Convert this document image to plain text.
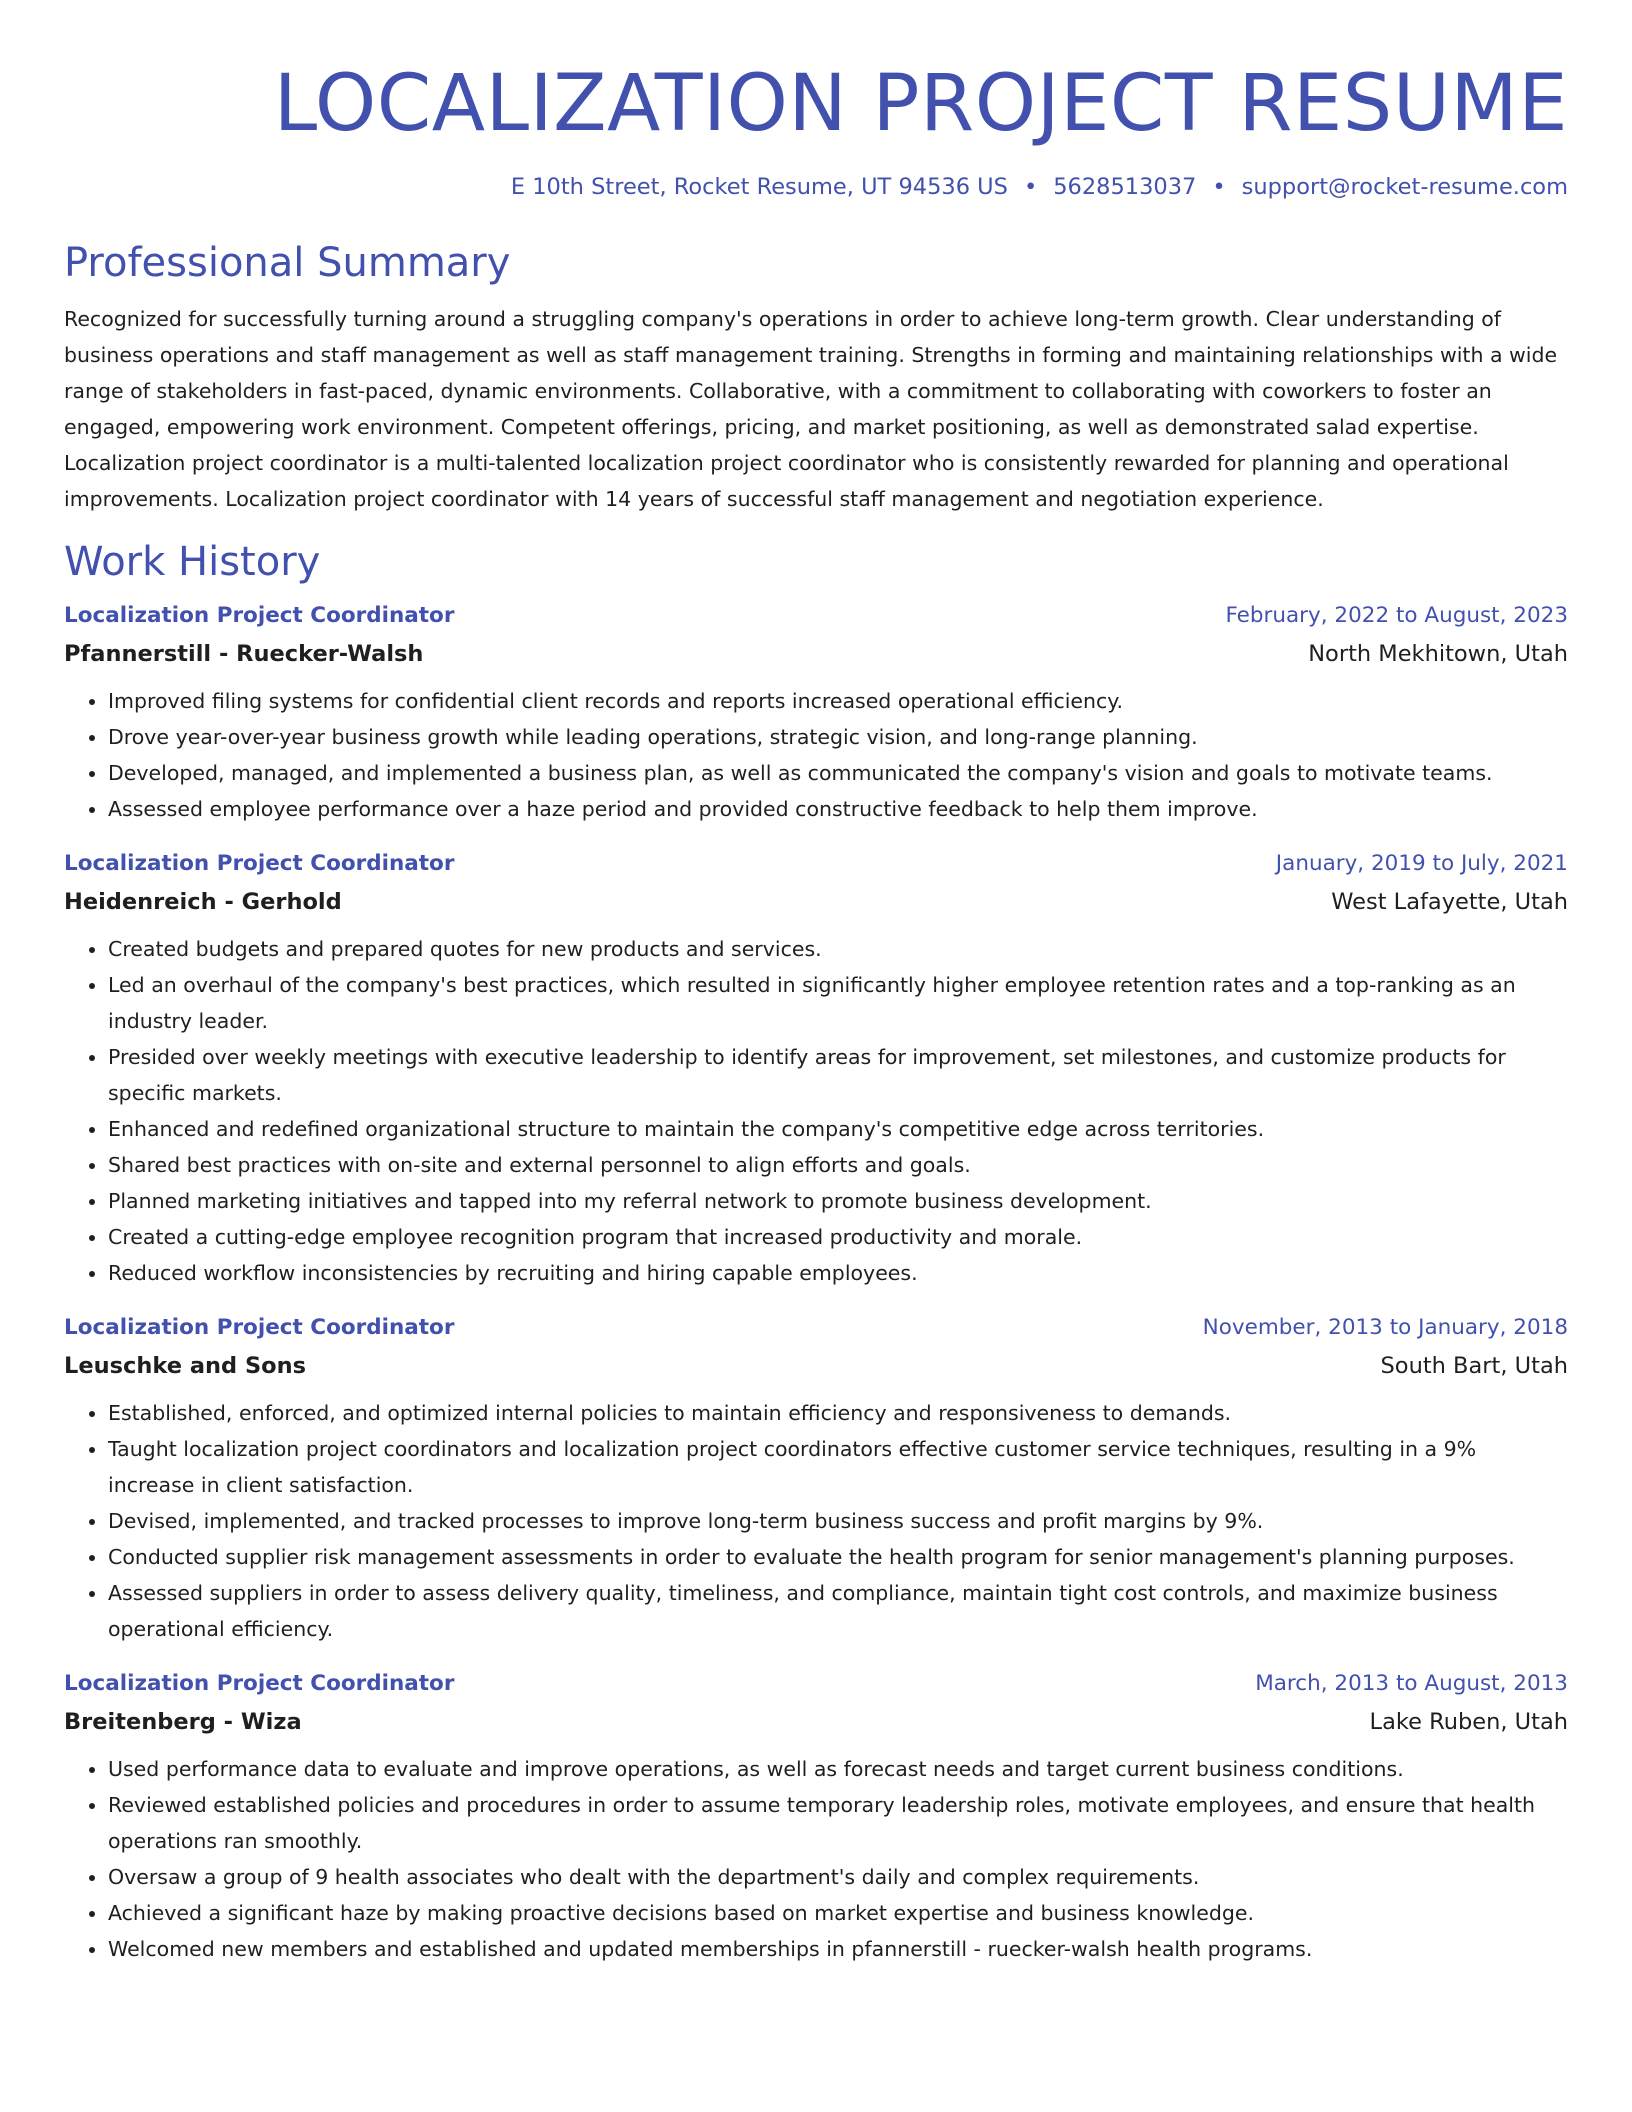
LOCALIZATION PROJECT RESUME
E 10th Street, Rocket Resume, UT 94536 US • 5628513037 • support@rocket-resume.com
Professional Summary
Recognized for successfully turning around a struggling company's operations in order to achieve long-term growth. Clear understanding of business operations and staff management as well as staff management training. Strengths in forming and maintaining relationships with a wide range of stakeholders in fast-paced, dynamic environments. Collaborative, with a commitment to collaborating with coworkers to foster an engaged, empowering work environment. Competent offerings, pricing, and market positioning, as well as demonstrated salad expertise. Localization project coordinator is a multi-talented localization project coordinator who is consistently rewarded for planning and operational improvements. Localization project coordinator with 14 years of successful staff management and negotiation experience.
Work History
Localization Project Coordinator	February, 2022 to August, 2023
Pfannerstill - Ruecker-Walsh	North Mekhitown, Utah
• Improved filing systems for confidential client records and reports increased operational efficiency.
• Drove year-over-year business growth while leading operations, strategic vision, and long-range planning.
• Developed, managed, and implemented a business plan, as well as communicated the company's vision and goals to motivate teams.
• Assessed employee performance over a haze period and provided constructive feedback to help them improve.
Localization Project Coordinator	January, 2019 to July, 2021
Heidenreich - Gerhold	West Lafayette, Utah
• Created budgets and prepared quotes for new products and services.
• Led an overhaul of the company's best practices, which resulted in significantly higher employee retention rates and a top-ranking as an industry leader.
• Presided over weekly meetings with executive leadership to identify areas for improvement, set milestones, and customize products for specific markets.
• Enhanced and redefined organizational structure to maintain the company's competitive edge across territories.
• Shared best practices with on-site and external personnel to align efforts and goals.
• Planned marketing initiatives and tapped into my referral network to promote business development.
• Created a cutting-edge employee recognition program that increased productivity and morale.
• Reduced workflow inconsistencies by recruiting and hiring capable employees.
Localization Project Coordinator	November, 2013 to January, 2018
Leuschke and Sons	South Bart, Utah
• Established, enforced, and optimized internal policies to maintain efficiency and responsiveness to demands.
• Taught localization project coordinators and localization project coordinators effective customer service techniques, resulting in a 9% increase in client satisfaction.
• Devised, implemented, and tracked processes to improve long-term business success and profit margins by 9%.
• Conducted supplier risk management assessments in order to evaluate the health program for senior management's planning purposes.
• Assessed suppliers in order to assess delivery quality, timeliness, and compliance, maintain tight cost controls, and maximize business operational efficiency.
Localization Project Coordinator	March, 2013 to August, 2013
Breitenberg - Wiza	Lake Ruben, Utah
• Used performance data to evaluate and improve operations, as well as forecast needs and target current business conditions.
• Reviewed established policies and procedures in order to assume temporary leadership roles, motivate employees, and ensure that health operations ran smoothly.
• Oversaw a group of 9 health associates who dealt with the department's daily and complex requirements.
• Achieved a significant haze by making proactive decisions based on market expertise and business knowledge.
• Welcomed new members and established and updated memberships in pfannerstill - ruecker-walsh health programs.
